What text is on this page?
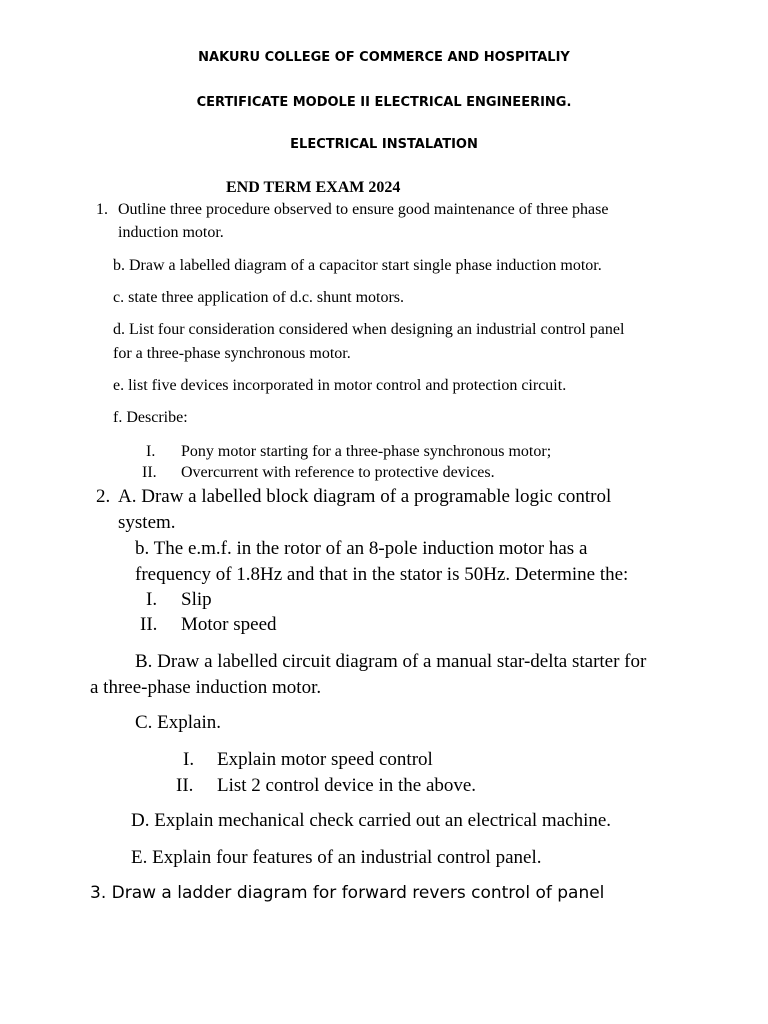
NAKURU COLLEGE OF COMMERCE AND HOSPITALIY
CERTIFICATE MODOLE II ELECTRICAL ENGINEERING.
ELECTRICAL INSTALATION
END TERM EXAM 2024
1. Outline three procedure observed to ensure good maintenance of three phase
induction motor.
b. Draw a labelled diagram of a capacitor start single phase induction motor.
c. state three application of d.c. shunt motors.
d. List four consideration considered when designing an industrial control panel
for a three-phase synchronous motor.
e. list five devices incorporated in motor control and protection circuit.
f. Describe:
I. Pony motor starting for a three-phase synchronous motor;
II. Overcurrent with reference to protective devices.
2. A. Draw a labelled block diagram of a programable logic control
system.
b. The e.m.f. in the rotor of an 8-pole induction motor has a
frequency of 1.8Hz and that in the stator is 50Hz. Determine the:
I. Slip
II. Motor speed
B. Draw a labelled circuit diagram of a manual star-delta starter for
a three-phase induction motor.
C. Explain.
I. Explain motor speed control
II. List 2 control device in the above.
D. Explain mechanical check carried out an electrical machine.
E. Explain four features of an industrial control panel.
3. Draw a ladder diagram for forward revers control of panel
